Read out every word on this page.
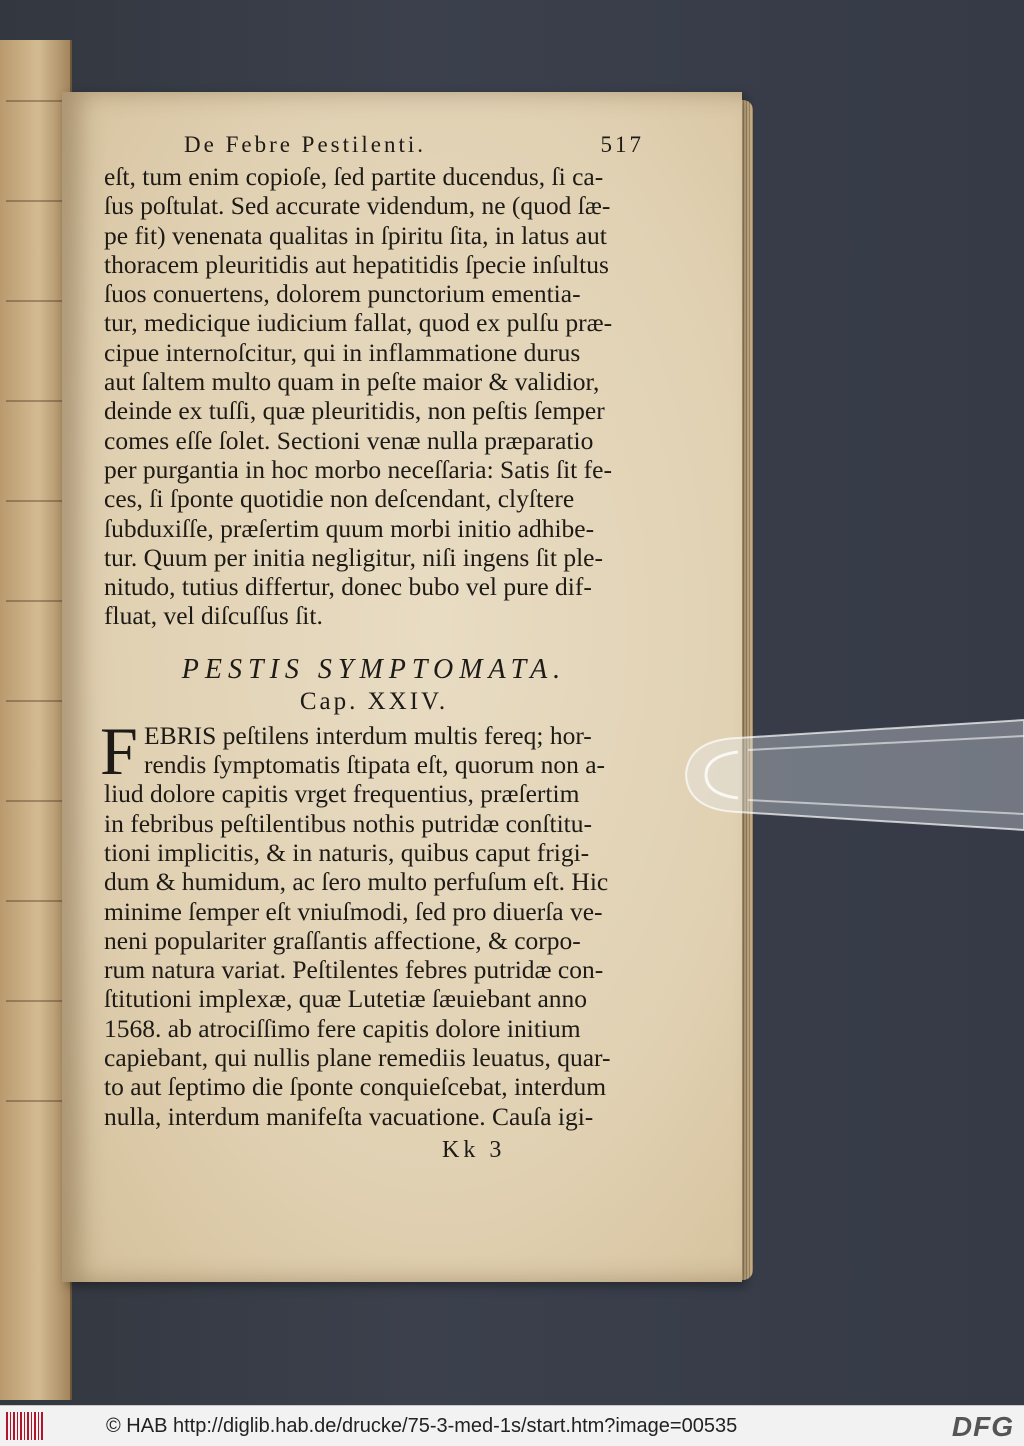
De Febre Pestilenti.	517
eſt, tum enim copioſe, ſed partite ducendus, ſi ca-
ſus poſtulat. Sed accurate videndum, ne (quod ſæ-
pe fit) venenata qualitas in ſpiritu ſita, in latus aut
thoracem pleuritidis aut hepatitidis ſpecie inſultus
ſuos conuertens, dolorem punctorium ementia-
tur, medicique iudicium fallat, quod ex pulſu præ-
cipue internoſcitur, qui in inflammatione durus
aut ſaltem multo quam in peſte maior & validior,
deinde ex tuſſi, quæ pleuritidis, non peſtis ſemper
comes eſſe ſolet. Sectioni venæ nulla præparatio
per purgantia in hoc morbo neceſſaria: Satis ſit fe-
ces, ſi ſponte quotidie non deſcendant, clyſtere
ſubduxiſſe, præſertim quum morbi initio adhibe-
tur. Quum per initia negligitur, niſi ingens ſit ple-
nitudo, tutius differtur, donec bubo vel pure dif-
fluat, vel diſcuſſus ſit.
PESTIS SYMPTOMATA.
Cap. XXIV.
F EBRIS peſtilens interdum multis fereq; hor-
rendis ſymptomatis ſtipata eſt, quorum non a-
liud dolore capitis vrget frequentius, præſertim
in febribus peſtilentibus nothis putridæ conſtitu-
tioni implicitis, & in naturis, quibus caput frigi-
dum & humidum, ac ſero multo perfuſum eſt. Hic
minime ſemper eſt vniuſmodi, ſed pro diuerſa ve-
neni populariter graſſantis affectione, & corpo-
rum natura variat. Peſtilentes febres putridæ con-
ſtitutioni implexæ, quæ Lutetiæ ſæuiebant anno
1568. ab atrociſſimo fere capitis dolore initium
capiebant, qui nullis plane remediis leuatus, quar-
to aut ſeptimo die ſponte conquieſcebat, interdum
nulla, interdum manifeſta vacuatione. Cauſa igi-
Kk 3
© HAB http://diglib.hab.de/drucke/75-3-med-1s/start.htm?image=00535	DFG
